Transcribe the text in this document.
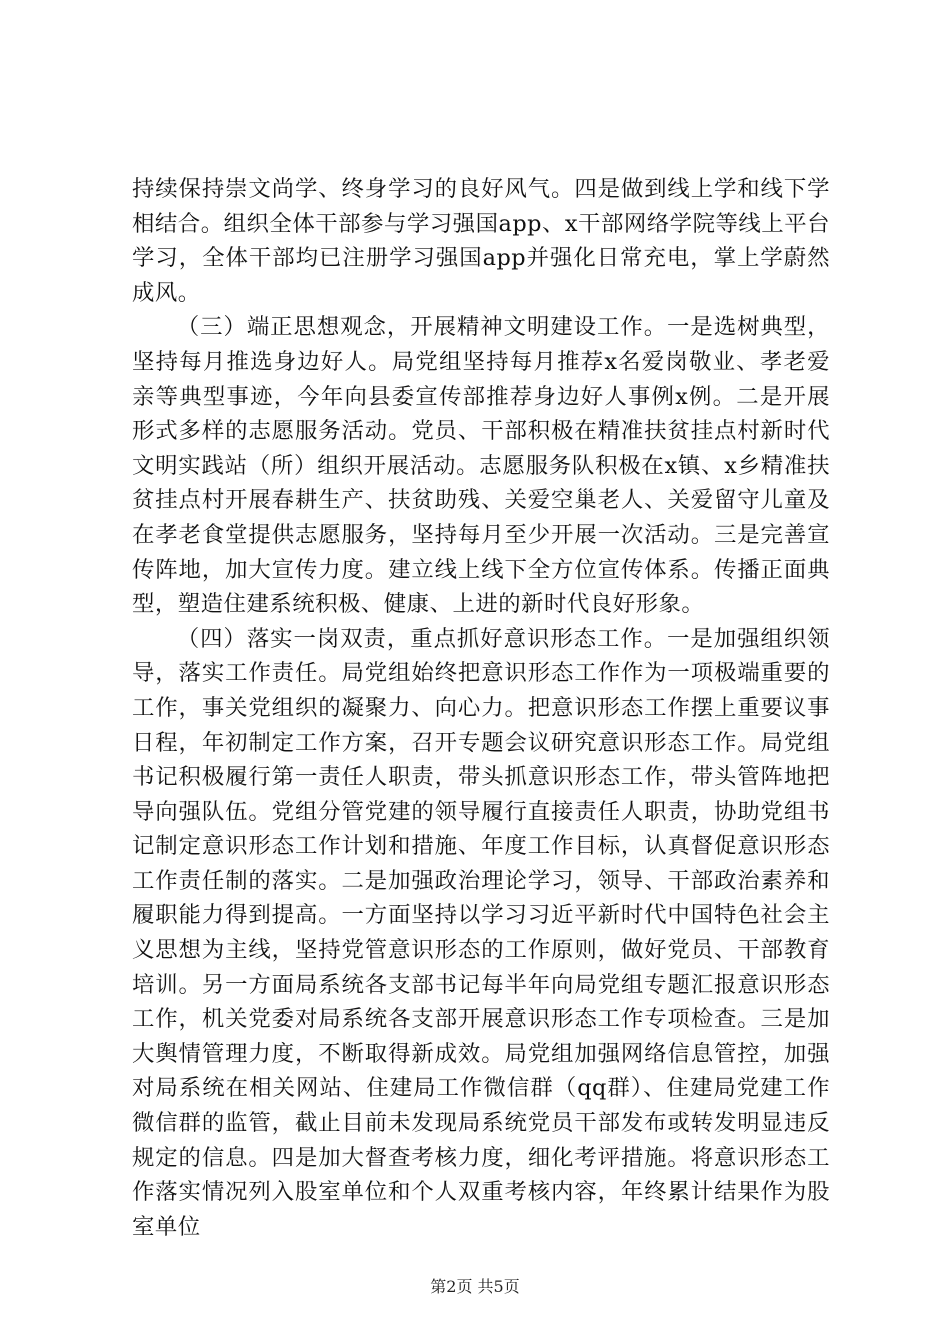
持续保持崇文尚学、终身学习的良好风气。四是做到线上学和线下学相结合。组织全体干部参与学习强国app、x干部网络学院等线上平台学习，全体干部均已注册学习强国app并强化日常充电，掌上学蔚然成风。

（三）端正思想观念，开展精神文明建设工作。一是选树典型，坚持每月推选身边好人。局党组坚持每月推荐x名爱岗敬业、孝老爱亲等典型事迹，今年向县委宣传部推荐身边好人事例x例。二是开展形式多样的志愿服务活动。党员、干部积极在精准扶贫挂点村新时代文明实践站（所）组织开展活动。志愿服务队积极在x镇、x乡精准扶贫挂点村开展春耕生产、扶贫助残、关爱空巢老人、关爱留守儿童及在孝老食堂提供志愿服务，坚持每月至少开展一次活动。三是完善宣传阵地，加大宣传力度。建立线上线下全方位宣传体系。传播正面典型，塑造住建系统积极、健康、上进的新时代良好形象。

（四）落实一岗双责，重点抓好意识形态工作。一是加强组织领导，落实工作责任。局党组始终把意识形态工作作为一项极端重要的工作，事关党组织的凝聚力、向心力。把意识形态工作摆上重要议事日程，年初制定工作方案，召开专题会议研究意识形态工作。局党组书记积极履行第一责任人职责，带头抓意识形态工作，带头管阵地把导向强队伍。党组分管党建的领导履行直接责任人职责，协助党组书记制定意识形态工作计划和措施、年度工作目标，认真督促意识形态工作责任制的落实。二是加强政治理论学习，领导、干部政治素养和履职能力得到提高。一方面坚持以学习习近平新时代中国特色社会主义思想为主线，坚持党管意识形态的工作原则，做好党员、干部教育培训。另一方面局系统各支部书记每半年向局党组专题汇报意识形态工作，机关党委对局系统各支部开展意识形态工作专项检查。三是加大舆情管理力度，不断取得新成效。局党组加强网络信息管控，加强对局系统在相关网站、住建局工作微信群（qq群）、住建局党建工作微信群的监管，截止目前未发现局系统党员干部发布或转发明显违反规定的信息。四是加大督查考核力度，细化考评措施。将意识形态工作落实情况列入股室单位和个人双重考核内容，年终累计结果作为股室单位

第2页 共5页
